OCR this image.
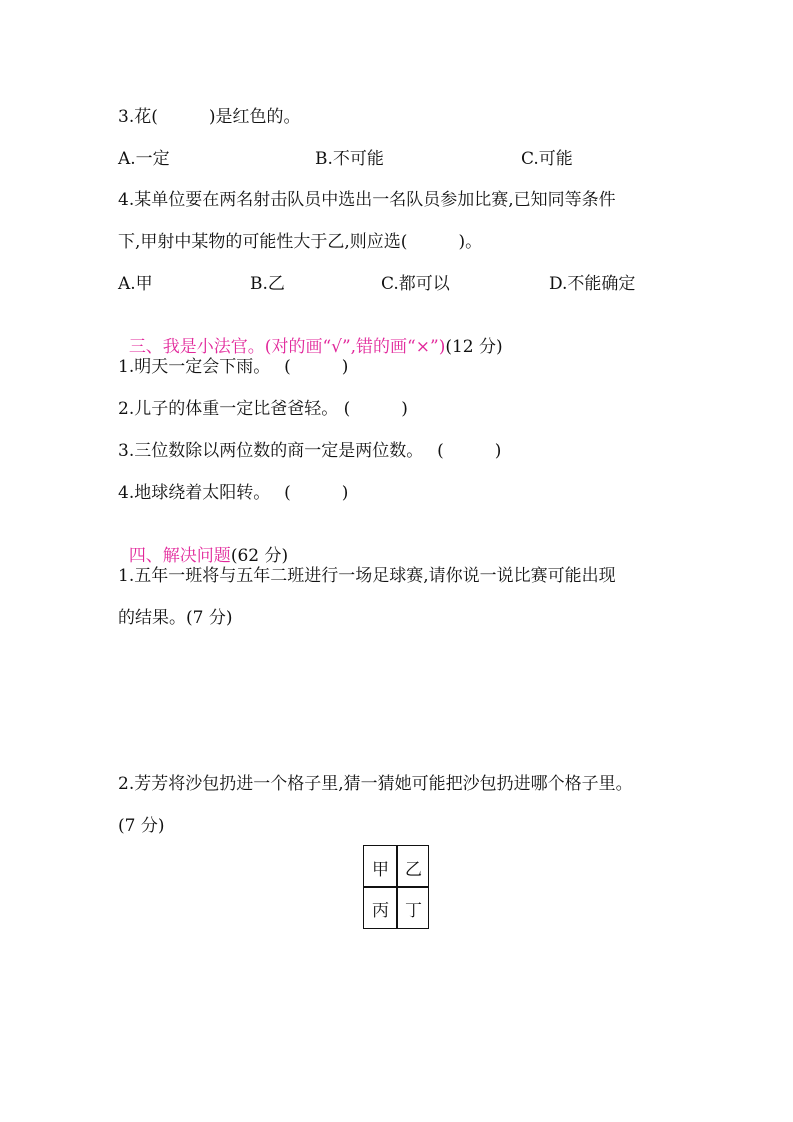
3.花(　　　)是红色的。
A.一定	B.不可能	C.可能
4.某单位要在两名射击队员中选出一名队员参加比赛,已知同等条件
下,甲射中某物的可能性大于乙,则应选(　　　)。
A.甲	B.乙	C.都可以	D.不能确定

三、我是小法官。(对的画“√”,错的画“×”)(12 分)

1.明天一定会下雨。　 (　　　)
2.儿子的体重一定比爸爸轻。 (　　　)
3.三位数除以两位数的商一定是两位数。　 (　　　)
4.地球绕着太阳转。　 (　　　)

四、解决问题(62 分)

1.五年一班将与五年二班进行一场足球赛,请你说一说比赛可能出现
的结果。(7 分)
2.芳芳将沙包扔进一个格子里,猜一猜她可能把沙包扔进哪个格子里。
(7 分)
甲 乙
丙 丁
